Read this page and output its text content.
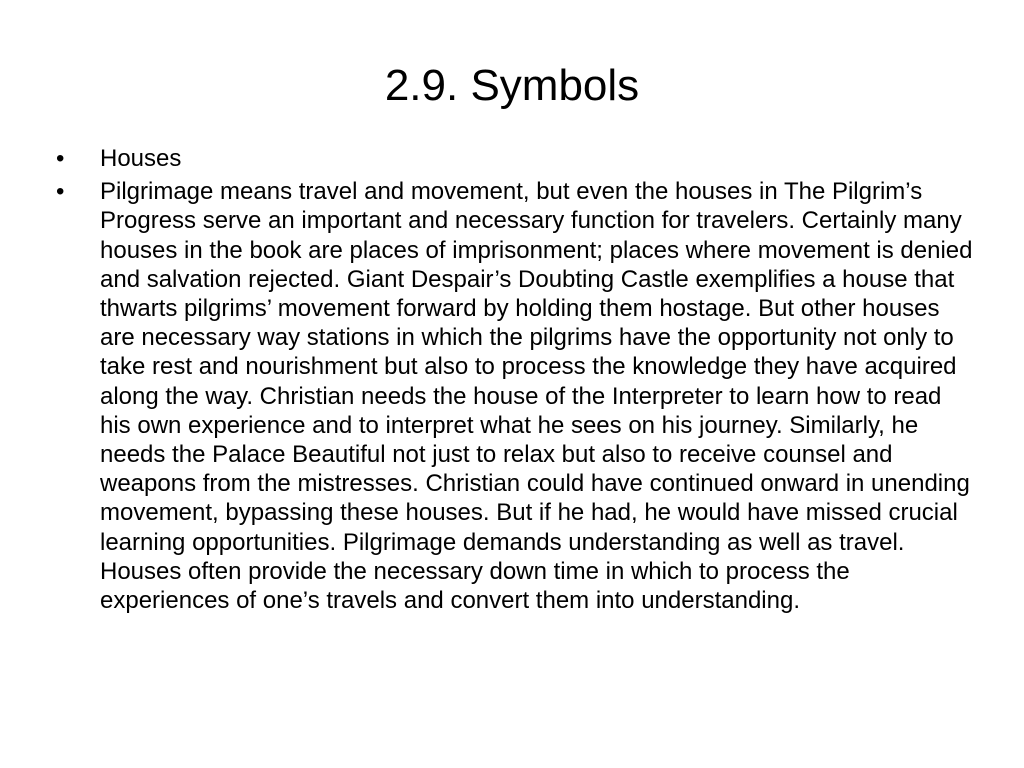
2.9. Symbols
•	Houses
•	Pilgrimage means travel and movement, but even the houses in The Pilgrim’s Progress serve an important and necessary function for travelers. Certainly many houses in the book are places of imprisonment; places where movement is denied and salvation rejected. Giant Despair’s Doubting Castle exemplifies a house that thwarts pilgrims’ movement forward by holding them hostage. But other houses are necessary way stations in which the pilgrims have the opportunity not only to take rest and nourishment but also to process the knowledge they have acquired along the way. Christian needs the house of the Interpreter to learn how to read his own experience and to interpret what he sees on his journey. Similarly, he needs the Palace Beautiful not just to relax but also to receive counsel and weapons from the mistresses. Christian could have continued onward in unending movement, bypassing these houses. But if he had, he would have missed crucial learning opportunities. Pilgrimage demands understanding as well as travel. Houses often provide the necessary down time in which to process the experiences of one’s travels and convert them into understanding.
